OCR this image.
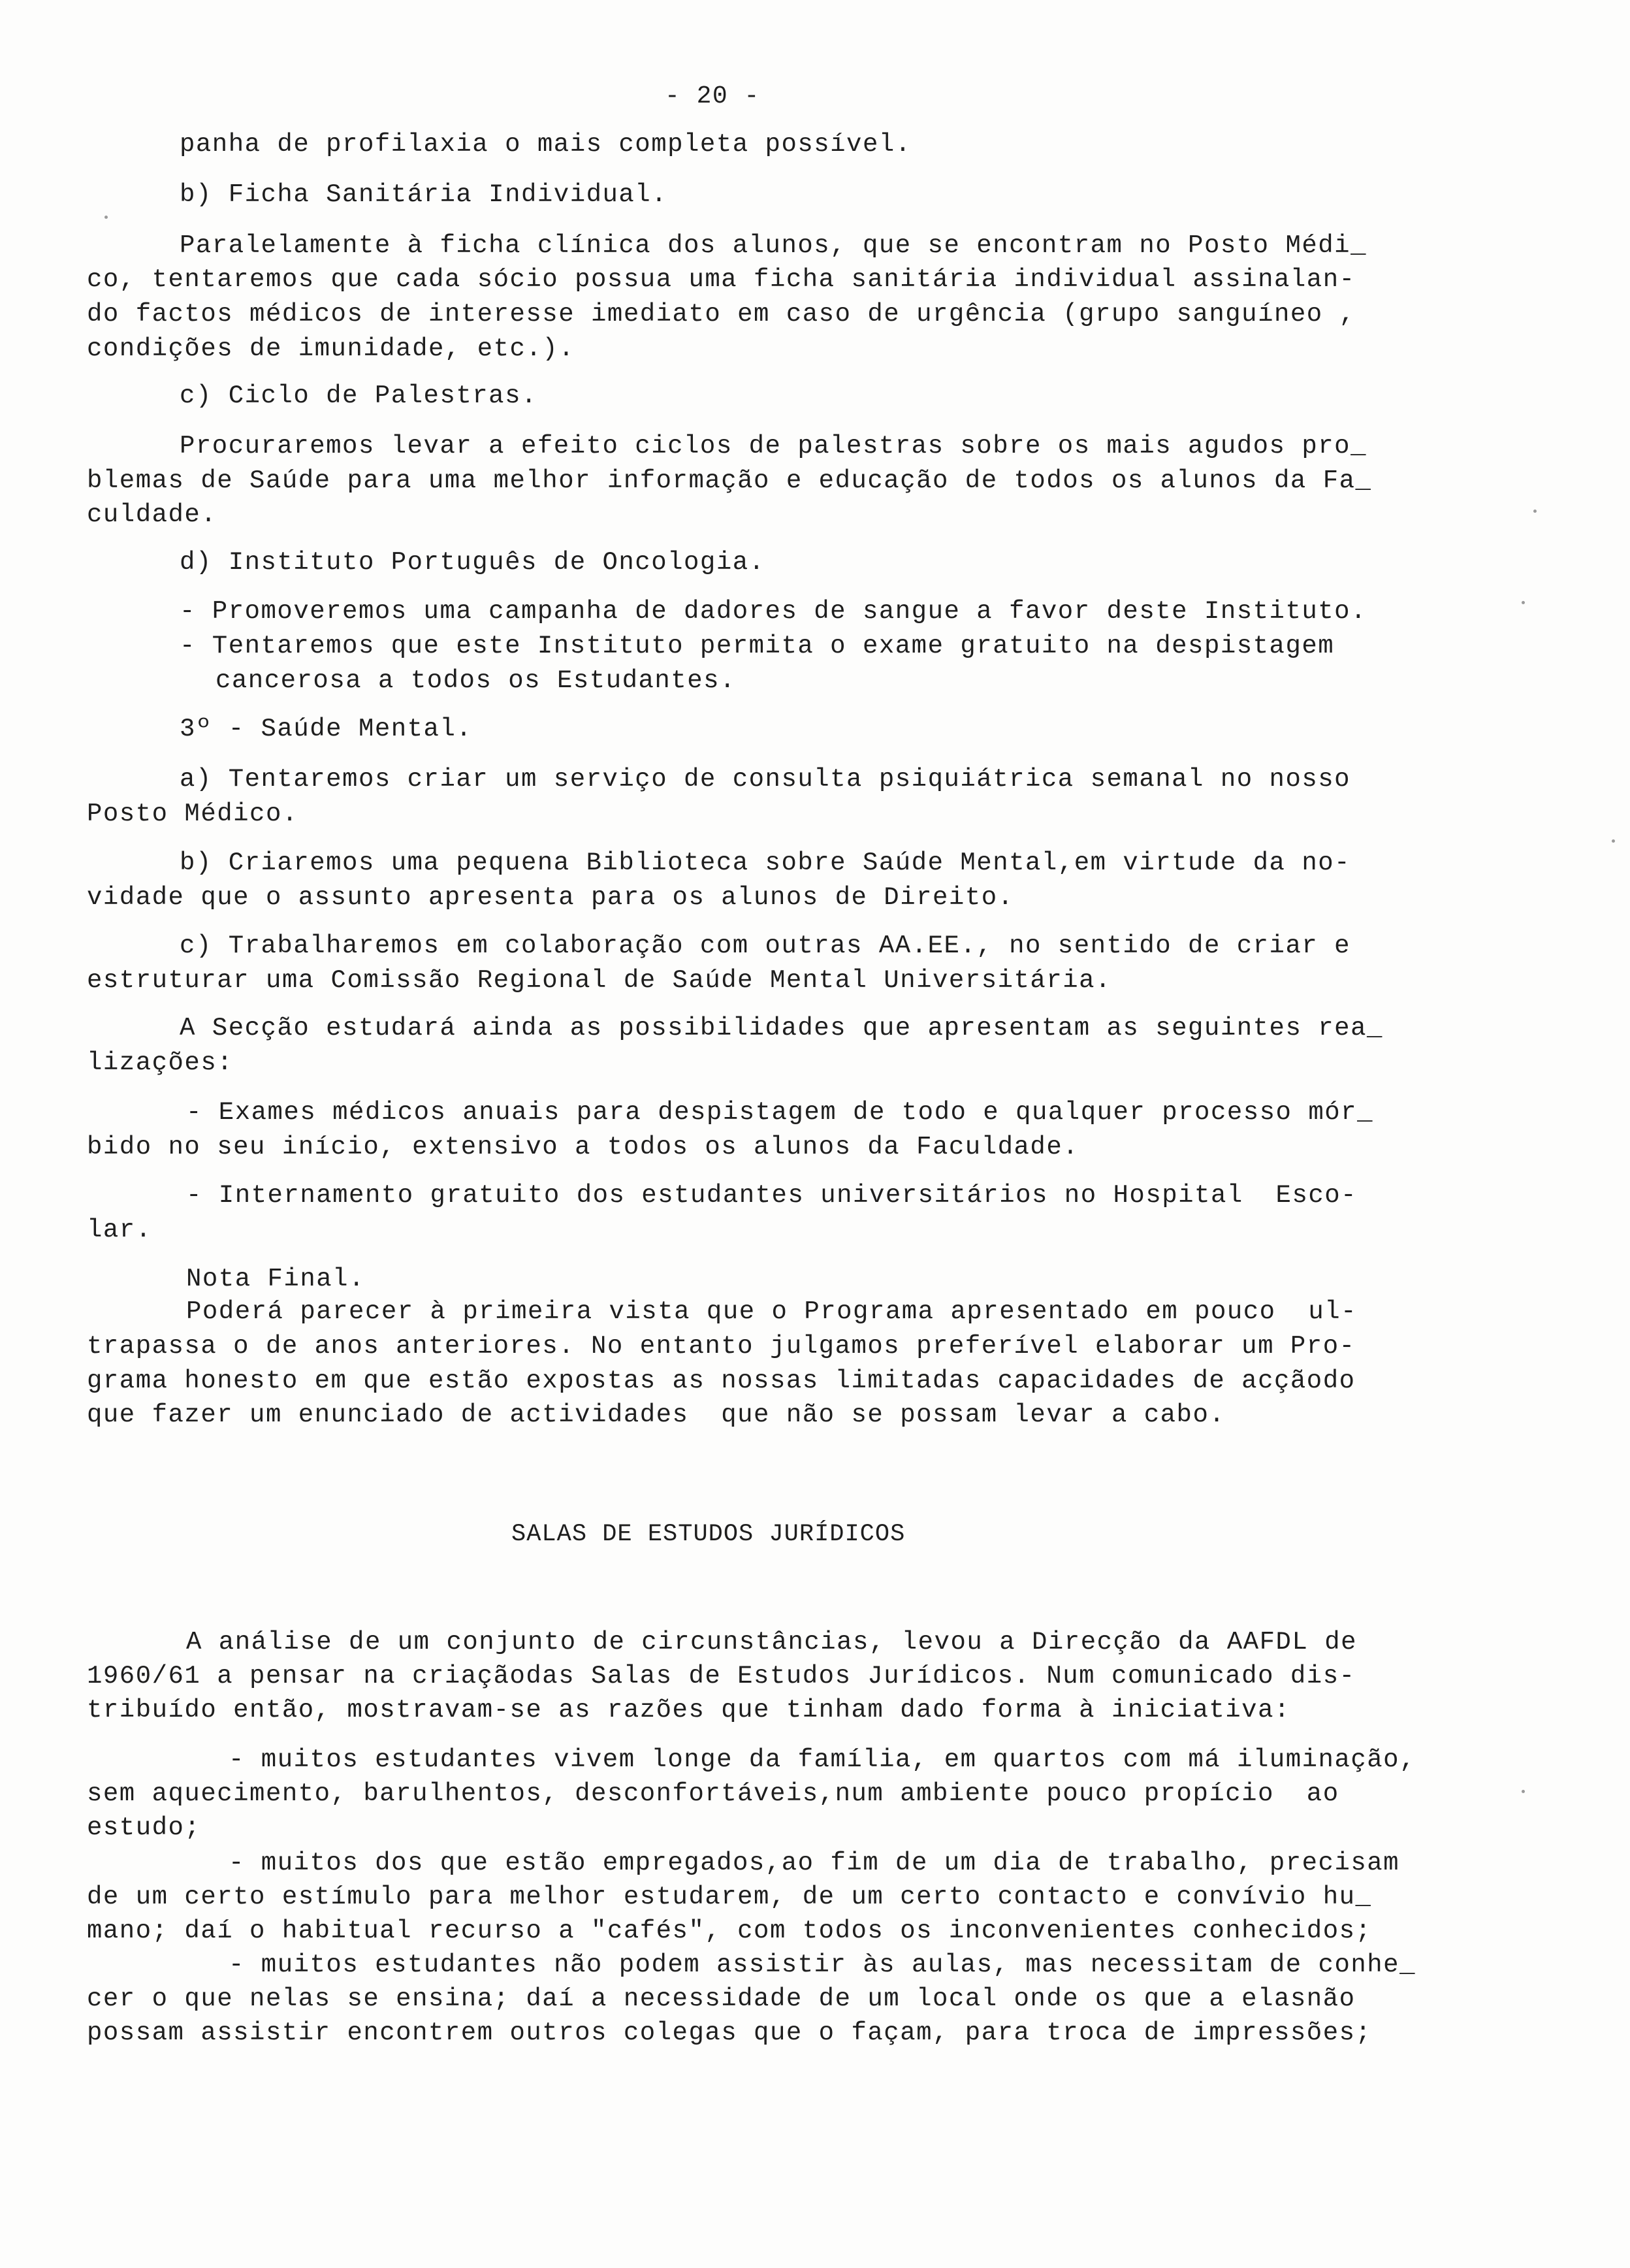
- 20 -
panha de profilaxia o mais completa possível.
b) Ficha Sanitária Individual.
Paralelamente à ficha clínica dos alunos, que se encontram no Posto Médi_
co, tentaremos que cada sócio possua uma ficha sanitária individual assinalan-
do factos médicos de interesse imediato em caso de urgência (grupo sanguíneo ,
condições de imunidade, etc.).
c) Ciclo de Palestras.
Procuraremos levar a efeito ciclos de palestras sobre os mais agudos pro_
blemas de Saúde para uma melhor informação e educação de todos os alunos da Fa_
culdade.
d) Instituto Português de Oncologia.
- Promoveremos uma campanha de dadores de sangue a favor deste Instituto.
- Tentaremos que este Instituto permita o exame gratuito na despistagem
cancerosa a todos os Estudantes.
3º - Saúde Mental.
a) Tentaremos criar um serviço de consulta psiquiátrica semanal no nosso
Posto Médico.
b) Criaremos uma pequena Biblioteca sobre Saúde Mental,em virtude da no-
vidade que o assunto apresenta para os alunos de Direito.
c) Trabalharemos em colaboração com outras AA.EE., no sentido de criar e
estruturar uma Comissão Regional de Saúde Mental Universitária.
A Secção estudará ainda as possibilidades que apresentam as seguintes rea_
lizações:
- Exames médicos anuais para despistagem de todo e qualquer processo mór_
bido no seu início, extensivo a todos os alunos da Faculdade.
- Internamento gratuito dos estudantes universitários no Hospital  Esco-
lar.
Nota Final.
Poderá parecer à primeira vista que o Programa apresentado em pouco  ul-
trapassa o de anos anteriores. No entanto julgamos preferível elaborar um Pro-
grama honesto em que estão expostas as nossas limitadas capacidades de acçãodo
que fazer um enunciado de actividades  que não se possam levar a cabo.
SALAS DE ESTUDOS JURÍDICOS
A análise de um conjunto de circunstâncias, levou a Direcção da AAFDL de
1960/61 a pensar na criaçãodas Salas de Estudos Jurídicos. Num comunicado dis-
tribuído então, mostravam-se as razões que tinham dado forma à iniciativa:
- muitos estudantes vivem longe da família, em quartos com má iluminação,
sem aquecimento, barulhentos, desconfortáveis,num ambiente pouco propício  ao
estudo;
- muitos dos que estão empregados,ao fim de um dia de trabalho, precisam
de um certo estímulo para melhor estudarem, de um certo contacto e convívio hu_
mano; daí o habitual recurso a "cafés", com todos os inconvenientes conhecidos;
- muitos estudantes não podem assistir às aulas, mas necessitam de conhe_
cer o que nelas se ensina; daí a necessidade de um local onde os que a elasnão
possam assistir encontrem outros colegas que o façam, para troca de impressões;
